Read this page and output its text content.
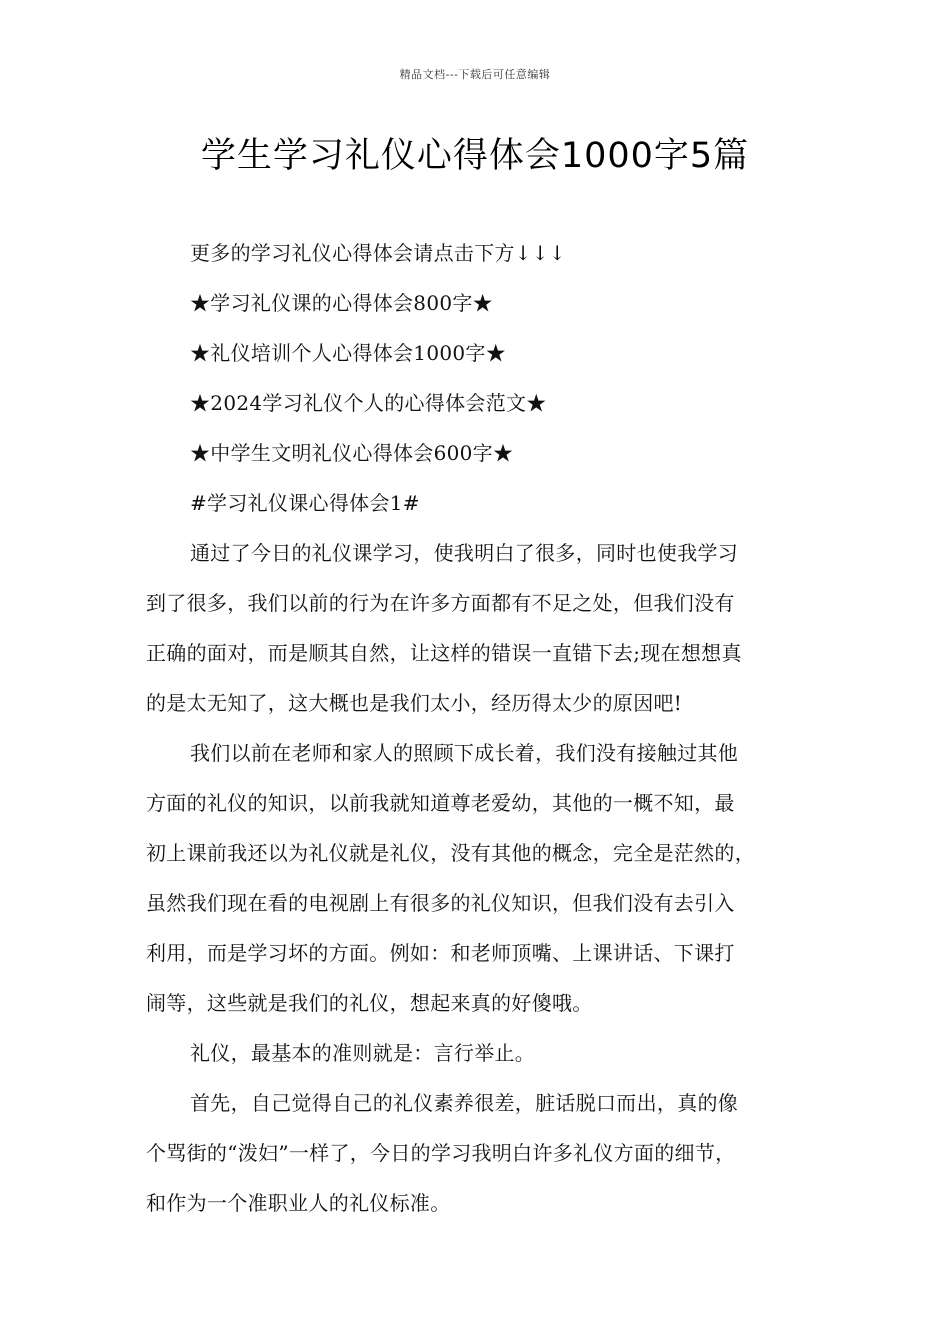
精品文档---下载后可任意编辑
学生学习礼仪心得体会1000字5篇

更多的学习礼仪心得体会请点击下方↓↓↓

★学习礼仪课的心得体会800字★
★礼仪培训个人心得体会1000字★
★2024学习礼仪个人的心得体会范文★
★中学生文明礼仪心得体会600字★

#学习礼仪课心得体会1#

通过了今日的礼仪课学习，使我明白了很多，同时也使我学习

到了很多，我们以前的行为在许多方面都有不足之处，但我们没有

正确的面对，而是顺其自然，让这样的错误一直错下去;现在想想真

的是太无知了，这大概也是我们太小，经历得太少的原因吧!

我们以前在老师和家人的照顾下成长着，我们没有接触过其他

方面的礼仪的知识，以前我就知道尊老爱幼，其他的一概不知，最

初上课前我还以为礼仪就是礼仪，没有其他的概念，完全是茫然的，

虽然我们现在看的电视剧上有很多的礼仪知识，但我们没有去引入

利用，而是学习坏的方面。例如：和老师顶嘴、上课讲话、下课打

闹等，这些就是我们的礼仪，想起来真的好傻哦。

礼仪，最基本的准则就是：言行举止。

首先，自己觉得自己的礼仪素养很差，脏话脱口而出，真的像

个骂街的“泼妇”一样了，今日的学习我明白许多礼仪方面的细节，

和作为一个准职业人的礼仪标准。
